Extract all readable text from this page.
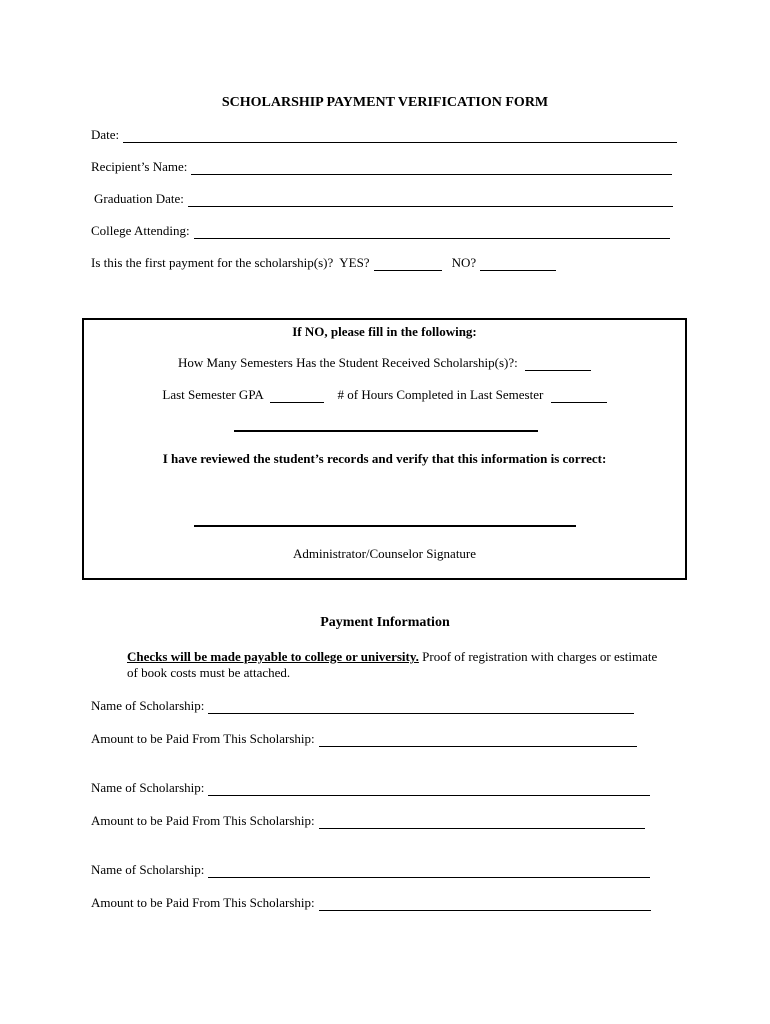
SCHOLARSHIP PAYMENT VERIFICATION FORM
Date:
Recipient’s Name:
Graduation Date:
College Attending:
Is this the first payment for the scholarship(s)? YES?	NO?
If NO, please fill in the following:
How Many Semesters Has the Student Received Scholarship(s)?:
Last Semester GPA	# of Hours Completed in Last Semester
I have reviewed the student’s records and verify that this information is correct:
Administrator/Counselor Signature
Payment Information
Checks will be made payable to college or university. Proof of registration with charges or estimate of book costs must be attached.
Name of Scholarship:
Amount to be Paid From This Scholarship:
Name of Scholarship:
Amount to be Paid From This Scholarship:
Name of Scholarship:
Amount to be Paid From This Scholarship:
